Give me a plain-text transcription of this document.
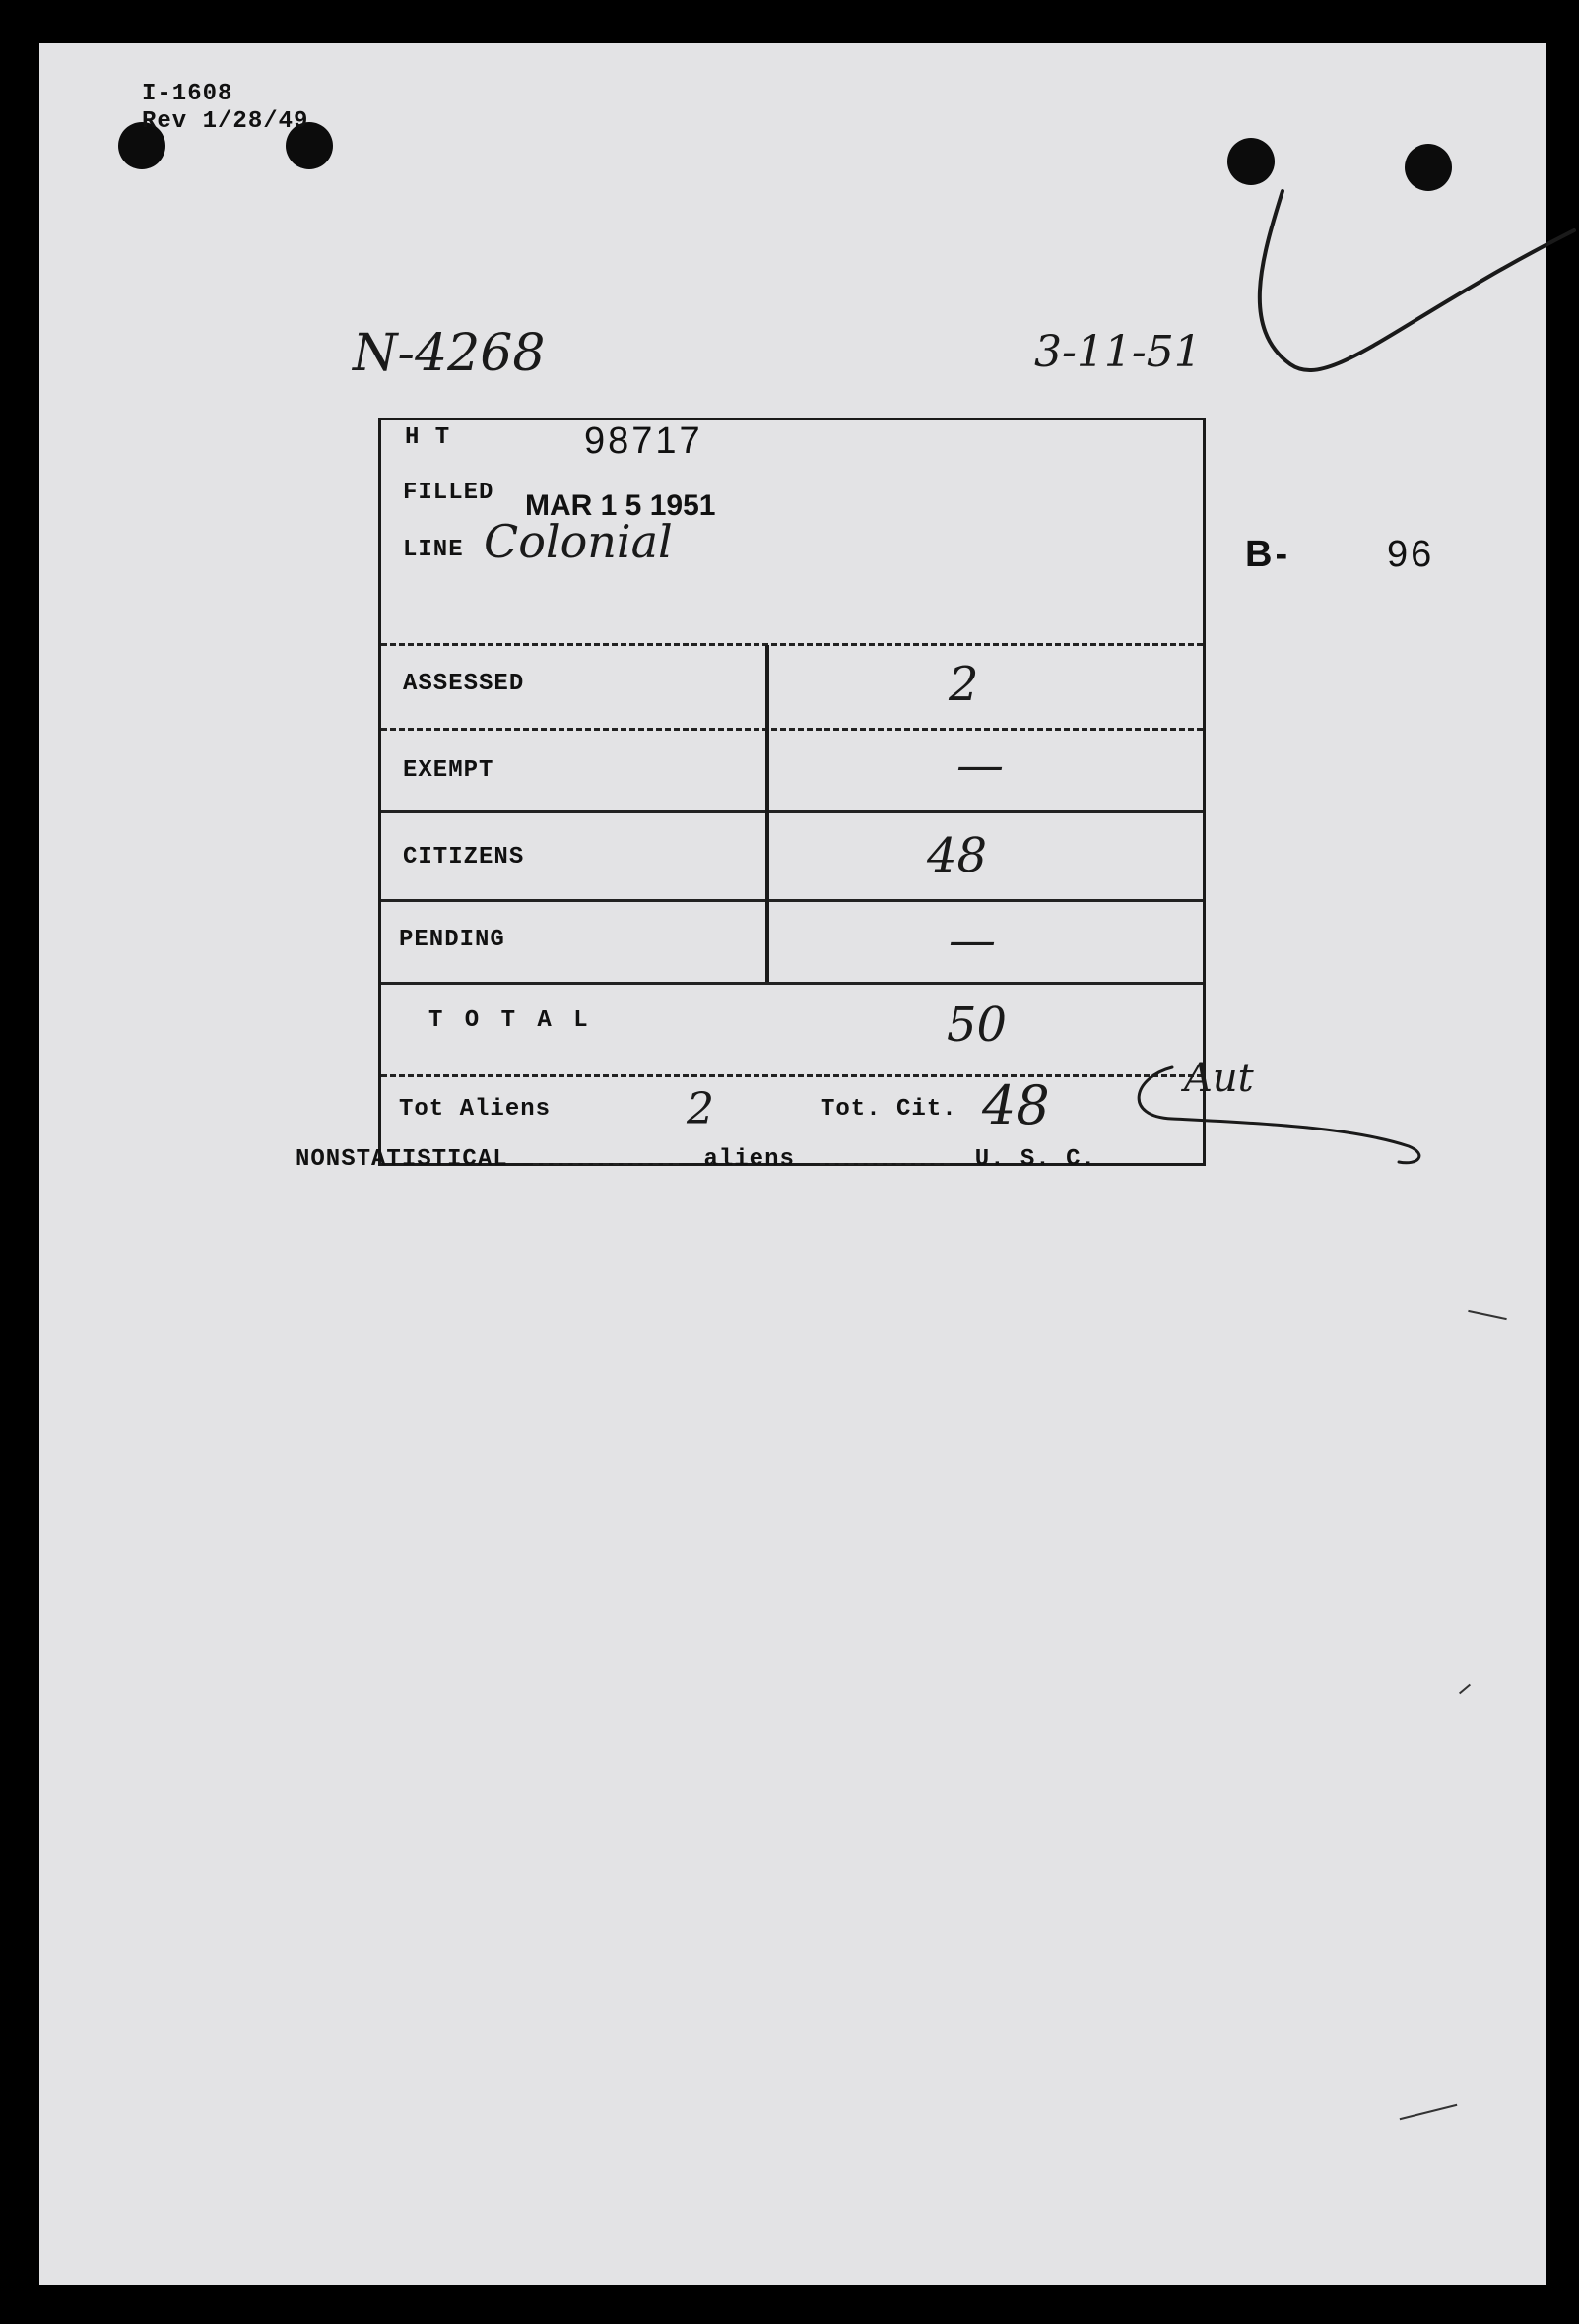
I-1608
Rev 1/28/49
N-4268	3-11-51
B-	96
H T	98717
FILLED MAR 1 5 1951
LINE Colonial
ASSESSED	2
EXEMPT	—
CITIZENS	48
PENDING	—
T O T A L	50
Tot Aliens	2	Tot. Cit. 48	Aut
NONSTATISTICAL	aliens	U. S. C.
